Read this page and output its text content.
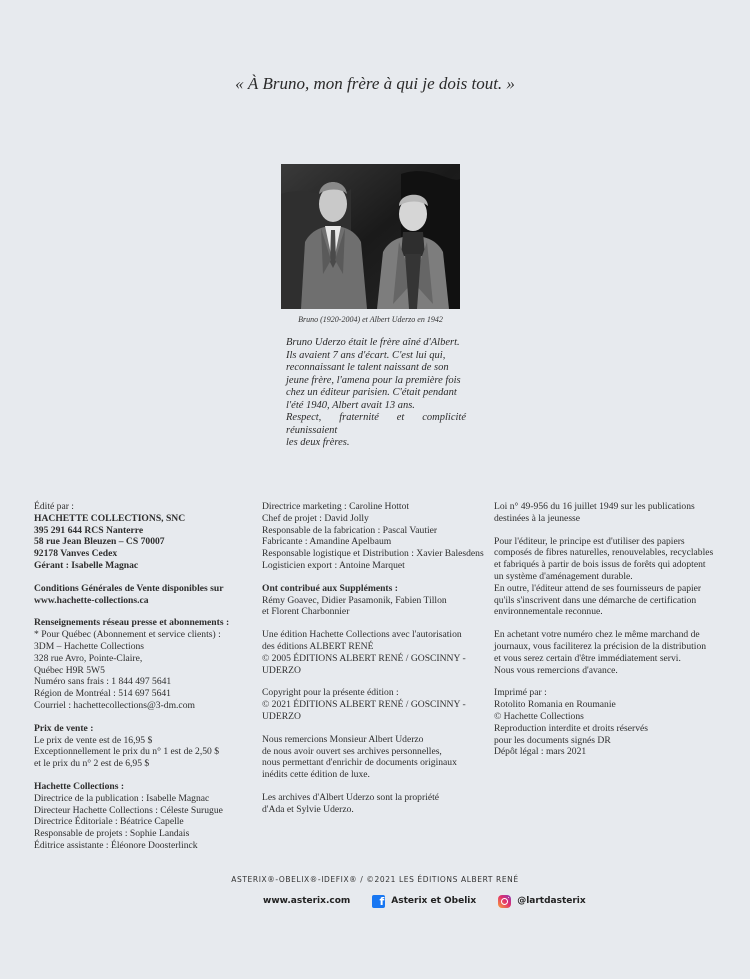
« À Bruno, mon frère à qui je dois tout. »
Bruno (1920-2004) et Albert Uderzo en 1942

Bruno Uderzo était le frère aîné d'Albert.

Ils avaient 7 ans d'écart. C'est lui qui,

reconnaissant le talent naissant de son

jeune frère, l'amena pour la première fois

chez un éditeur parisien. C'était pendant

l'été 1940, Albert avait 13 ans.

Respect, fraternité et complicité réunissaient

les deux frères.

Édité par :

HACHETTE COLLECTIONS, SNC

395 291 644 RCS Nanterre

58 rue Jean Bleuzen – CS 70007

92178 Vanves Cedex

Gérant : Isabelle Magnac

Conditions Générales de Vente disponibles sur

www.hachette-collections.ca

Renseignements réseau presse et abonnements :

* Pour Québec (Abonnement et service clients) :

3DM – Hachette Collections

328 rue Avro, Pointe-Claire,

Québec H9R 5W5

Numéro sans frais : 1 844 497 5641

Région de Montréal : 514 697 5641

Courriel : hachettecollections@3-dm.com

Prix de vente :

Le prix de vente est de 16,95 $

Exceptionnellement le prix du n° 1 est de 2,50 $

et le prix du n° 2 est de 6,95 $

Hachette Collections :

Directrice de la publication : Isabelle Magnac

Directeur Hachette Collections : Céleste Surugue

Directrice Éditoriale : Béatrice Capelle

Responsable de projets : Sophie Landais

Éditrice assistante : Éléonore Doosterlinck

Directrice marketing : Caroline Hottot

Chef de projet : David Jolly

Responsable de la fabrication : Pascal Vautier

Fabricante : Amandine Apelbaum

Responsable logistique et Distribution : Xavier Balesdens

Logisticien export : Antoine Marquet

Ont contribué aux Suppléments :

Rémy Goavec, Didier Pasamonik, Fabien Tillon

et Florent Charbonnier

Une édition Hachette Collections avec l'autorisation

des éditions ALBERT RENÉ

© 2005 ÉDITIONS ALBERT RENÉ / GOSCINNY -

UDERZO

Copyright pour la présente édition :

© 2021 ÉDITIONS ALBERT RENÉ / GOSCINNY -

UDERZO

Nous remercions Monsieur Albert Uderzo

de nous avoir ouvert ses archives personnelles,

nous permettant d'enrichir de documents originaux

inédits cette édition de luxe.

Les archives d'Albert Uderzo sont la propriété

d'Ada et Sylvie Uderzo.

Loi n° 49-956 du 16 juillet 1949 sur les publications

destinées à la jeunesse

Pour l'éditeur, le principe est d'utiliser des papiers

composés de fibres naturelles, renouvelables, recyclables

et fabriqués à partir de bois issus de forêts qui adoptent

un système d'aménagement durable.

En outre, l'éditeur attend de ses fournisseurs de papier

qu'ils s'inscrivent dans une démarche de certification

environnementale reconnue.

En achetant votre numéro chez le même marchand de

journaux, vous faciliterez la précision de la distribution

et vous serez certain d'être immédiatement servi.

Nous vous remercions d'avance.

Imprimé par :

Rotolito Romania en Roumanie

© Hachette Collections

Reproduction interdite et droits réservés

pour les documents signés DR

Dépôt légal : mars 2021

ASTERIX®-OBELIX®-IDEFIX® / ©2021 LES ÉDITIONS ALBERT RENÉ
www.asterix.com	f Asterix et Obelix	@lartdasterix
